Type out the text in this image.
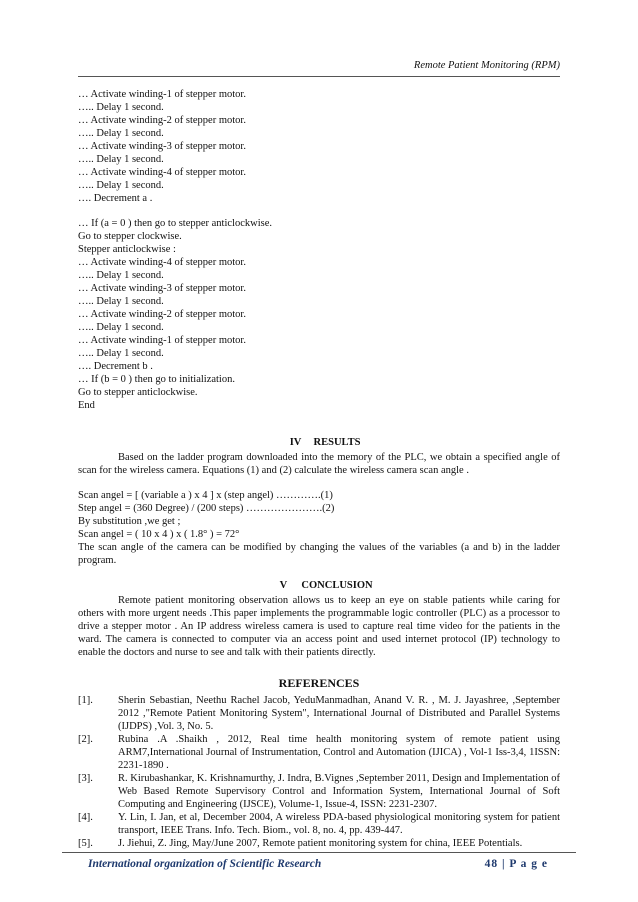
Remote Patient Monitoring (RPM)
… Activate winding-1 of stepper motor.
….. Delay 1 second.
… Activate winding-2 of stepper motor.
….. Delay 1 second.
… Activate winding-3 of stepper motor.
….. Delay 1 second.
… Activate winding-4 of stepper motor.
….. Delay 1 second.
…. Decrement a .
… If (a = 0 ) then go to stepper anticlockwise.
Go to stepper clockwise.
Stepper anticlockwise :
… Activate winding-4 of stepper motor.
….. Delay 1 second.
… Activate winding-3 of stepper motor.
….. Delay 1 second.
… Activate winding-2 of stepper motor.
….. Delay 1 second.
… Activate winding-1 of stepper motor.
….. Delay 1 second.
…. Decrement b .
… If (b = 0 ) then go to initialization.
Go to stepper anticlockwise.
End
IV RESULTS
Based on the ladder program downloaded into the memory of the PLC, we obtain a specified angle of scan for the wireless camera. Equations (1) and (2) calculate the wireless camera scan angle .
Scan angel = [ (variable a ) x 4 ] x (step angel) ………….(1)
Step angel = (360 Degree) / (200 steps) ………………….(2)
By substitution ,we get ;
Scan angel = ( 10 x 4 ) x ( 1.8° ) = 72°
The scan angle of the camera can be modified by changing the values of the variables (a and b) in the ladder program.
V CONCLUSION
Remote patient monitoring observation allows us to keep an eye on stable patients while caring for others with more urgent needs .This paper implements the programmable logic controller (PLC) as a processor to drive a stepper motor . An IP address wireless camera is used to capture real time video for the patients in the ward. The camera is connected to computer via an access point and used internet protocol (IP) technology to enable the doctors and nurse to see and talk with their patients directly.
REFERENCES
[1].	Sherin Sebastian, Neethu Rachel Jacob, YeduManmadhan, Anand V. R. , M. J. Jayashree, ,September 2012 ,"Remote Patient Monitoring System", International Journal of Distributed and Parallel Systems (IJDPS) ,Vol. 3, No. 5.
[2].	Rubina .A .Shaikh , 2012, Real time health monitoring system of remote patient using ARM7,International Journal of Instrumentation, Control and Automation (IJICA) , Vol-1 Iss-3,4, 1ISSN: 2231-1890 .
[3].	R. Kirubashankar, K. Krishnamurthy, J. Indra, B.Vignes ,September 2011, Design and Implementation of Web Based Remote Supervisory Control and Information System, International Journal of Soft Computing and Engineering (IJSCE), Volume-1, Issue-4, ISSN: 2231-2307.
[4].	Y. Lin, I. Jan, et al, December 2004, A wireless PDA-based physiological monitoring system for patient transport, IEEE Trans. Info. Tech. Biom., vol. 8, no. 4, pp. 439-447.
[5].	J. Jiehui, Z. Jing, May/June 2007, Remote patient monitoring system for china, IEEE Potentials.
International organization of Scientific Research	48 | P a g e
